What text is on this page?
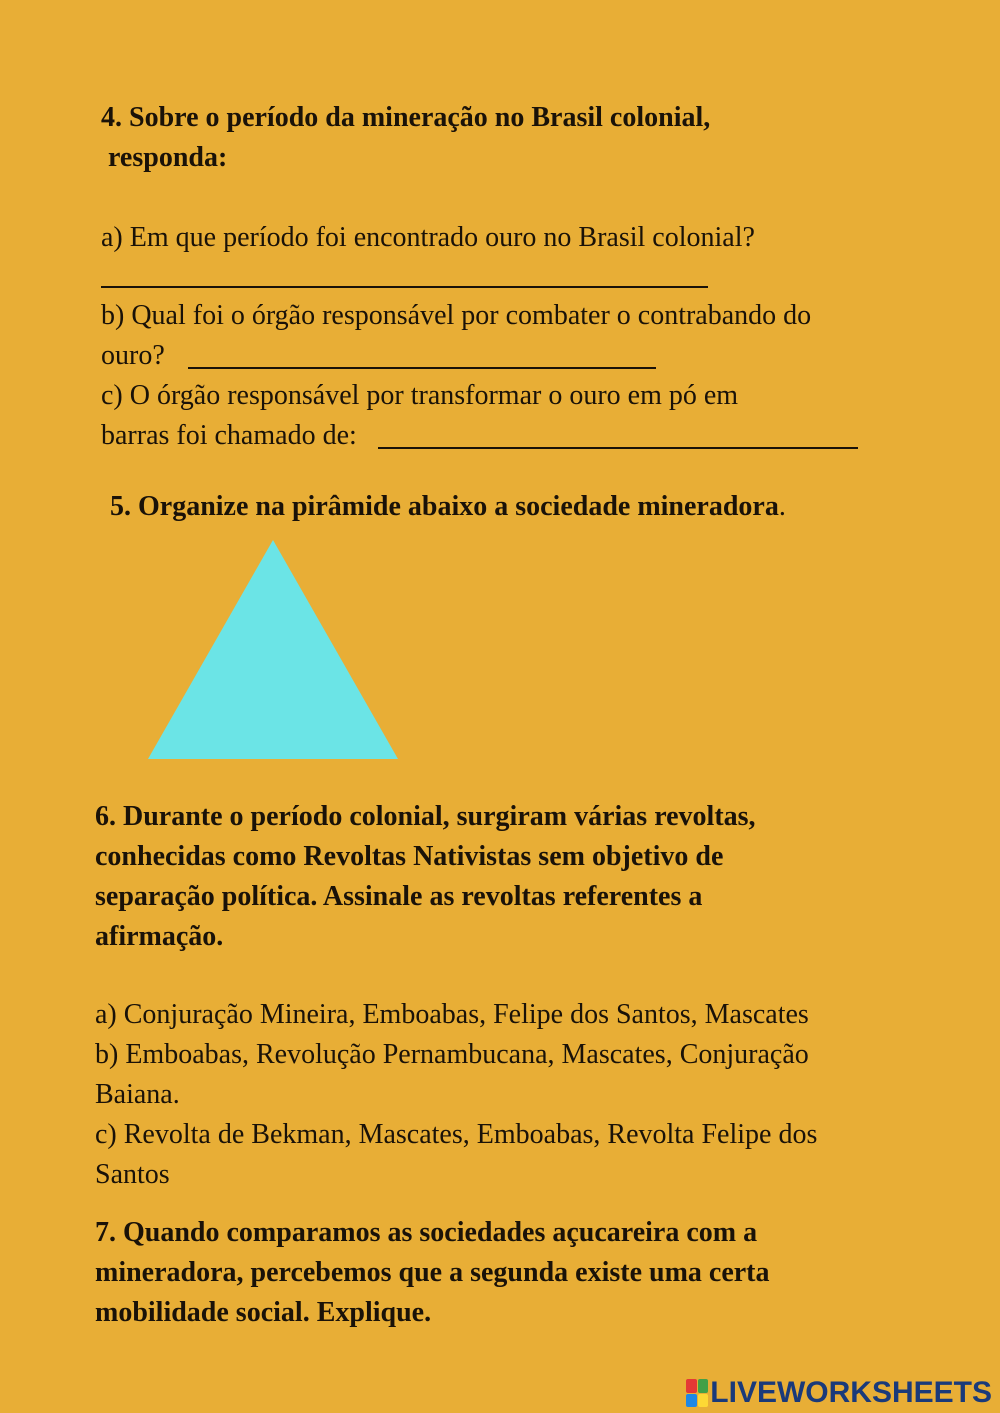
4. Sobre o período da mineração no Brasil colonial,
responda:
a) Em que período foi encontrado ouro no Brasil colonial?
b) Qual foi o órgão responsável por combater o contrabando do
ouro?
c) O órgão responsável por transformar o ouro em pó em
barras foi chamado de:
5. Organize na pirâmide abaixo a sociedade mineradora.
6. Durante o período colonial, surgiram várias revoltas,
conhecidas como Revoltas Nativistas sem objetivo de
separação política. Assinale as revoltas referentes a
afirmação.
a) Conjuração Mineira, Emboabas, Felipe dos Santos, Mascates
b) Emboabas, Revolução Pernambucana, Mascates, Conjuração
Baiana.
c) Revolta de Bekman, Mascates, Emboabas, Revolta Felipe dos
Santos
7. Quando comparamos as sociedades açucareira com a
mineradora, percebemos que a segunda existe uma certa
mobilidade social. Explique.
LIVEWORKSHEETS
